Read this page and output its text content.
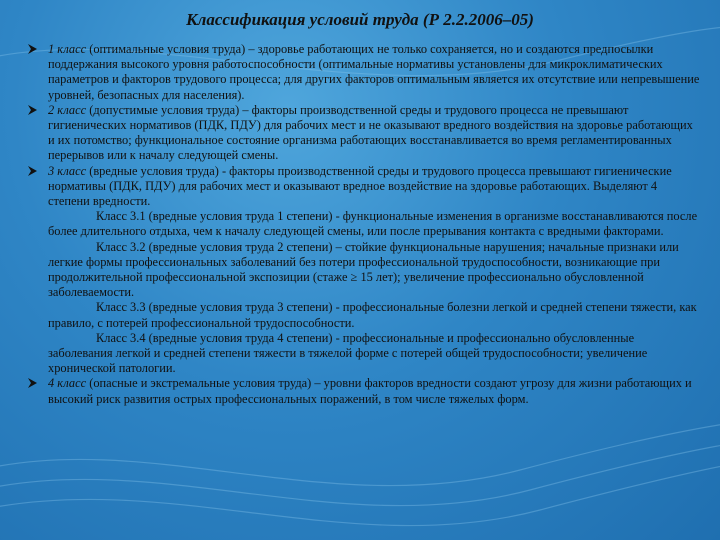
Классификация условий труда (Р 2.2.2006–05)
1 класс (оптимальные условия труда) – здоровье работающих не только сохраняется, но и создаются предпосылки поддержания высокого уровня работоспособности (оптимальные нормативы установлены для микроклиматических параметров и факторов трудового процесса; для других факторов оптимальным является их отсутствие или непревышение уровней, безопасных для населения).
2 класс (допустимые условия труда) – факторы производственной среды и трудового процесса не превышают гигиенических нормативов (ПДК, ПДУ) для рабочих мест и не оказывают вредного воздействия на здоровье работающих и их потомство; функциональное состояние организма работающих восстанавливается во время регламентированных перерывов или к началу следующей смены.
3 класс (вредные условия труда) - факторы производственной среды и трудового процесса превышают гигиенические нормативы (ПДК, ПДУ) для рабочих мест и оказывают вредное воздействие на здоровье работающих. Выделяют 4 степени вредности.
Класс 3.1 (вредные условия труда 1 степени) - функциональные изменения в организме восстанавливаются после более длительного отдыха, чем к началу следующей смены, или после прерывания контакта с вредными факторами.
Класс 3.2 (вредные условия труда 2 степени) – стойкие функциональные нарушения; начальные признаки или легкие формы профессиональных заболеваний без потери профессиональной трудоспособности, возникающие при продолжительной профессиональной экспозиции (стаже ≥ 15 лет); увеличение профессионально обусловленной заболеваемости.
Класс 3.3 (вредные условия труда 3 степени) - профессиональные болезни легкой и средней степени тяжести, как правило, с потерей профессиональной трудоспособности.
Класс 3.4 (вредные условия труда 4 степени) - профессиональные и профессионально обусловленные заболевания легкой и средней степени тяжести в тяжелой форме с потерей общей трудоспособности; увеличение хронической патологии.
4 класс (опасные и экстремальные условия труда) – уровни факторов вредности создают угрозу для жизни работающих и высокий риск развития острых профессиональных поражений, в том числе тяжелых форм.
